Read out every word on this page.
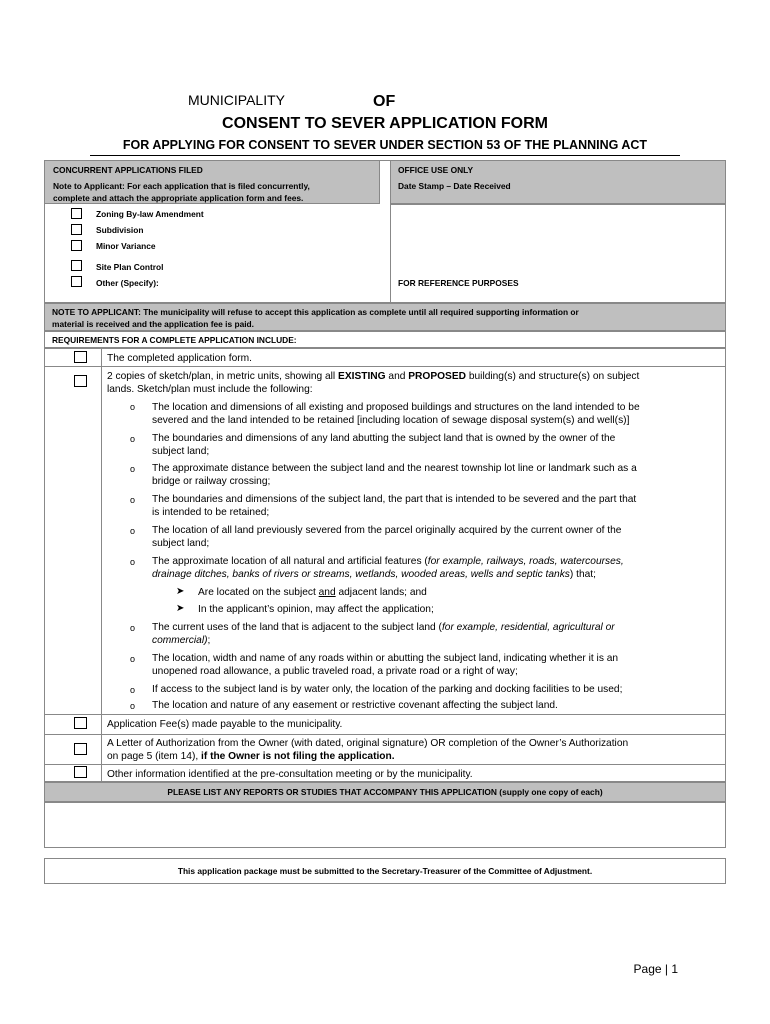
MUNICIPALITY	OF
CONSENT TO SEVER APPLICATION FORM
FOR APPLYING FOR CONSENT TO SEVER UNDER SECTION 53 OF THE PLANNING ACT
CONCURRENT APPLICATIONS FILED
Note to Applicant: For each application that is filed concurrently,
complete and attach the appropriate application form and fees.
OFFICE USE ONLY
Date Stamp – Date Received
FOR REFERENCE PURPOSES
Zoning By-law Amendment
Subdivision
Minor Variance
Site Plan Control
Other (Specify):
NOTE TO APPLICANT: The municipality will refuse to accept this application as complete until all required supporting information or
material is received and the application fee is paid.
REQUIREMENTS FOR A COMPLETE APPLICATION INCLUDE:
The completed application form.
2 copies of sketch/plan, in metric units, showing all EXISTING and PROPOSED building(s) and structure(s) on subject
lands. Sketch/plan must include the following:
o The location and dimensions of all existing and proposed buildings and structures on the land intended to be
severed and the land intended to be retained [including location of sewage disposal system(s) and well(s)]
o The boundaries and dimensions of any land abutting the subject land that is owned by the owner of the
subject land;
o The approximate distance between the subject land and the nearest township lot line or landmark such as a
bridge or railway crossing;
o The boundaries and dimensions of the subject land, the part that is intended to be severed and the part that
is intended to be retained;
o The location of all land previously severed from the parcel originally acquired by the current owner of the
subject land;
o The approximate location of all natural and artificial features (for example, railways, roads, watercourses,
drainage ditches, banks of rivers or streams, wetlands, wooded areas, wells and septic tanks) that;
➤ Are located on the subject and adjacent lands; and
➤ In the applicant’s opinion, may affect the application;
o The current uses of the land that is adjacent to the subject land (for example, residential, agricultural or
commercial);
o The location, width and name of any roads within or abutting the subject land, indicating whether it is an
unopened road allowance, a public traveled road, a private road or a right of way;
o If access to the subject land is by water only, the location of the parking and docking facilities to be used;
o The location and nature of any easement or restrictive covenant affecting the subject land.
Application Fee(s) made payable to the municipality.
A Letter of Authorization from the Owner (with dated, original signature) OR completion of the Owner’s Authorization
on page 5 (item 14), if the Owner is not filing the application.
Other information identified at the pre-consultation meeting or by the municipality.
PLEASE LIST ANY REPORTS OR STUDIES THAT ACCOMPANY THIS APPLICATION (supply one copy of each)
This application package must be submitted to the Secretary-Treasurer of the Committee of Adjustment.
Page | 1
